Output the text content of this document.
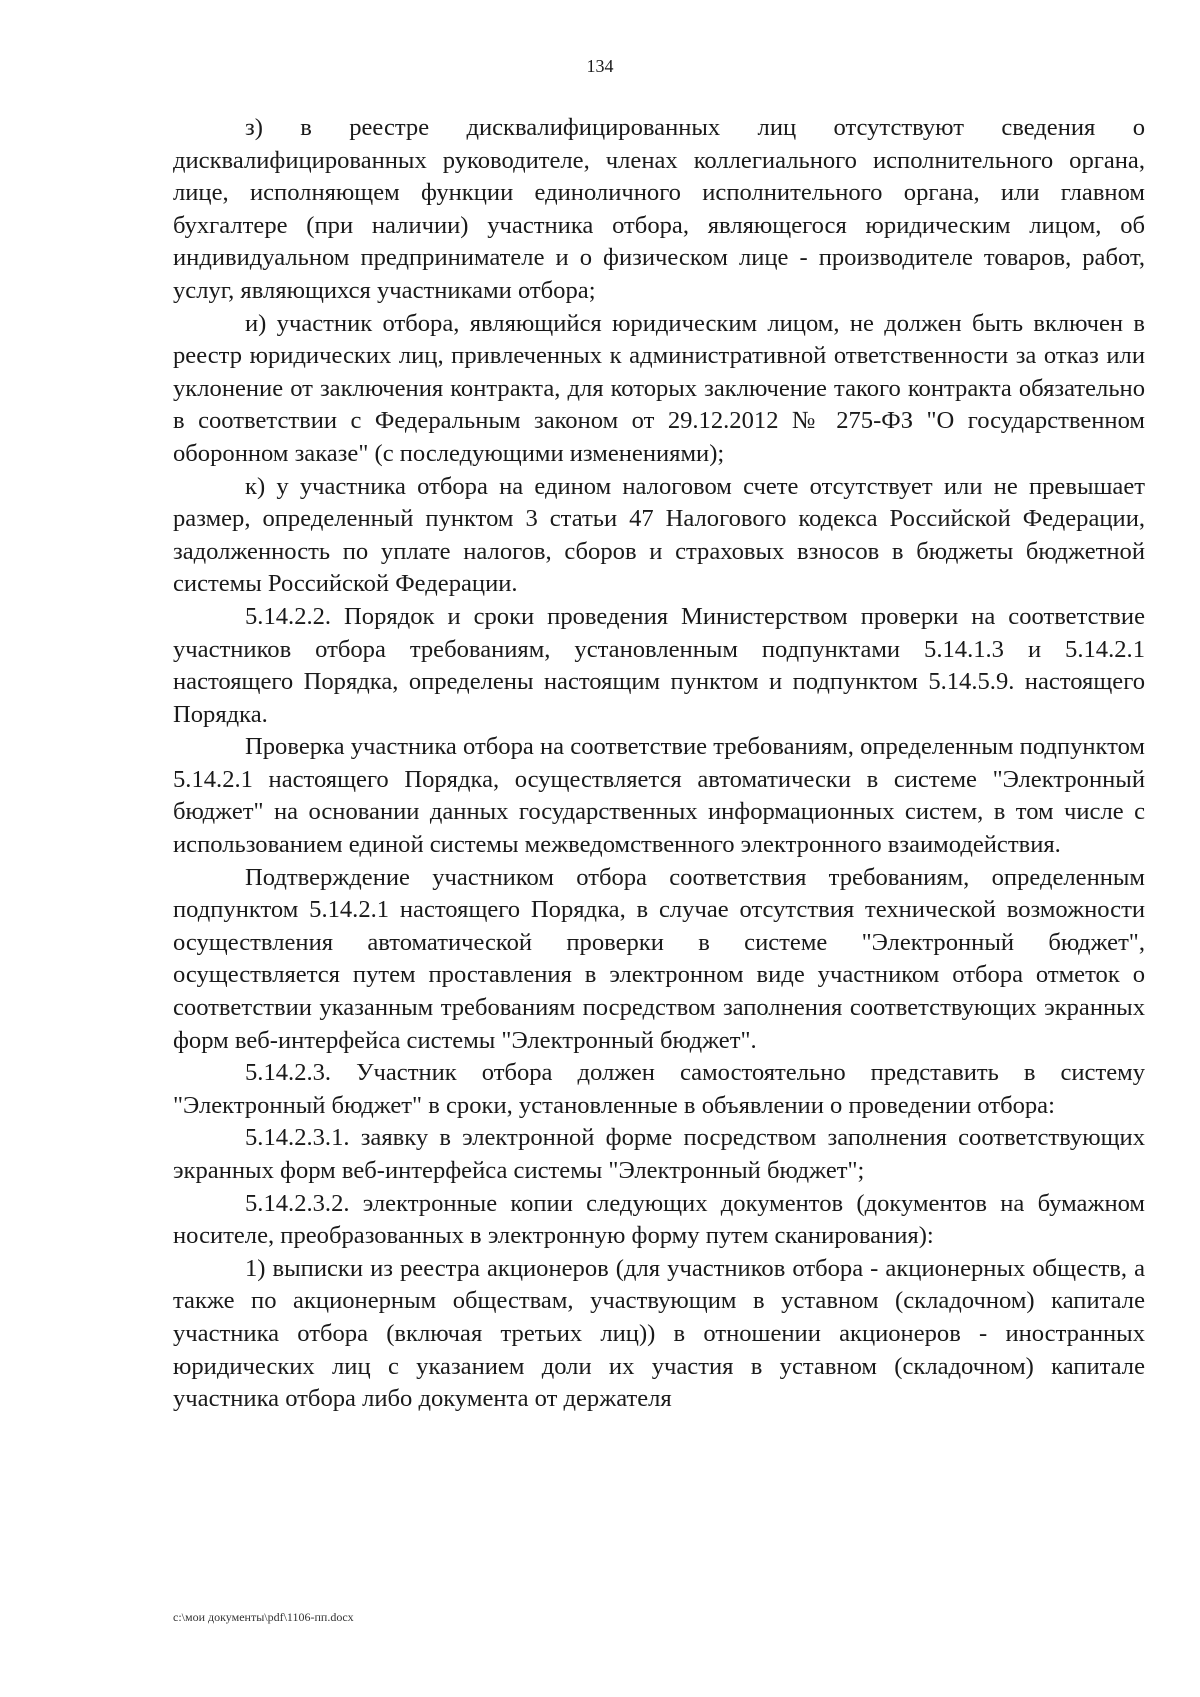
134

з) в реестре дисквалифицированных лиц отсутствуют сведения о дисквалифицированных руководителе, членах коллегиального исполнительного органа, лице, исполняющем функции единоличного исполнительного органа, или главном бухгалтере (при наличии) участника отбора, являющегося юридическим лицом, об индивидуальном предпринимателе и о физическом лице - производителе товаров, работ, услуг, являющихся участниками отбора;

и) участник отбора, являющийся юридическим лицом, не должен быть включен в реестр юридических лиц, привлеченных к административной ответственности за отказ или уклонение от заключения контракта, для которых заключение такого контракта обязательно в соответствии с Федеральным законом от 29.12.2012 № 275-ФЗ "О государственном оборонном заказе" (с последующими изменениями);

к) у участника отбора на едином налоговом счете отсутствует или не превышает размер, определенный пунктом 3 статьи 47 Налогового кодекса Российской Федерации, задолженность по уплате налогов, сборов и страховых взносов в бюджеты бюджетной системы Российской Федерации.

5.14.2.2. Порядок и сроки проведения Министерством проверки на соответствие участников отбора требованиям, установленным подпунктами 5.14.1.3 и 5.14.2.1 настоящего Порядка, определены настоящим пунктом и подпунктом 5.14.5.9. настоящего Порядка.

Проверка участника отбора на соответствие требованиям, определенным подпунктом 5.14.2.1 настоящего Порядка, осуществляется автоматически в системе "Электронный бюджет" на основании данных государственных информационных систем, в том числе с использованием единой системы межведомственного электронного взаимодействия.

Подтверждение участником отбора соответствия требованиям, определенным подпунктом 5.14.2.1 настоящего Порядка, в случае отсутствия технической возможности осуществления автоматической проверки в системе "Электронный бюджет", осуществляется путем проставления в электронном виде участником отбора отметок о соответствии указанным требованиям посредством заполнения соответствующих экранных форм веб-интерфейса системы "Электронный бюджет".

5.14.2.3. Участник отбора должен самостоятельно представить в систему "Электронный бюджет" в сроки, установленные в объявлении о проведении отбора:

5.14.2.3.1. заявку в электронной форме посредством заполнения соответствующих экранных форм веб-интерфейса системы "Электронный бюджет";

5.14.2.3.2. электронные копии следующих документов (документов на бумажном носителе, преобразованных в электронную форму путем сканирования):

1) выписки из реестра акционеров (для участников отбора - акционерных обществ, а также по акционерным обществам, участвующим в уставном (складочном) капитале участника отбора (включая третьих лиц)) в отношении акционеров - иностранных юридических лиц с указанием доли их участия в уставном (складочном) капитале участника отбора либо документа от держателя

c:\мои документы\pdf\1106-пп.docx
